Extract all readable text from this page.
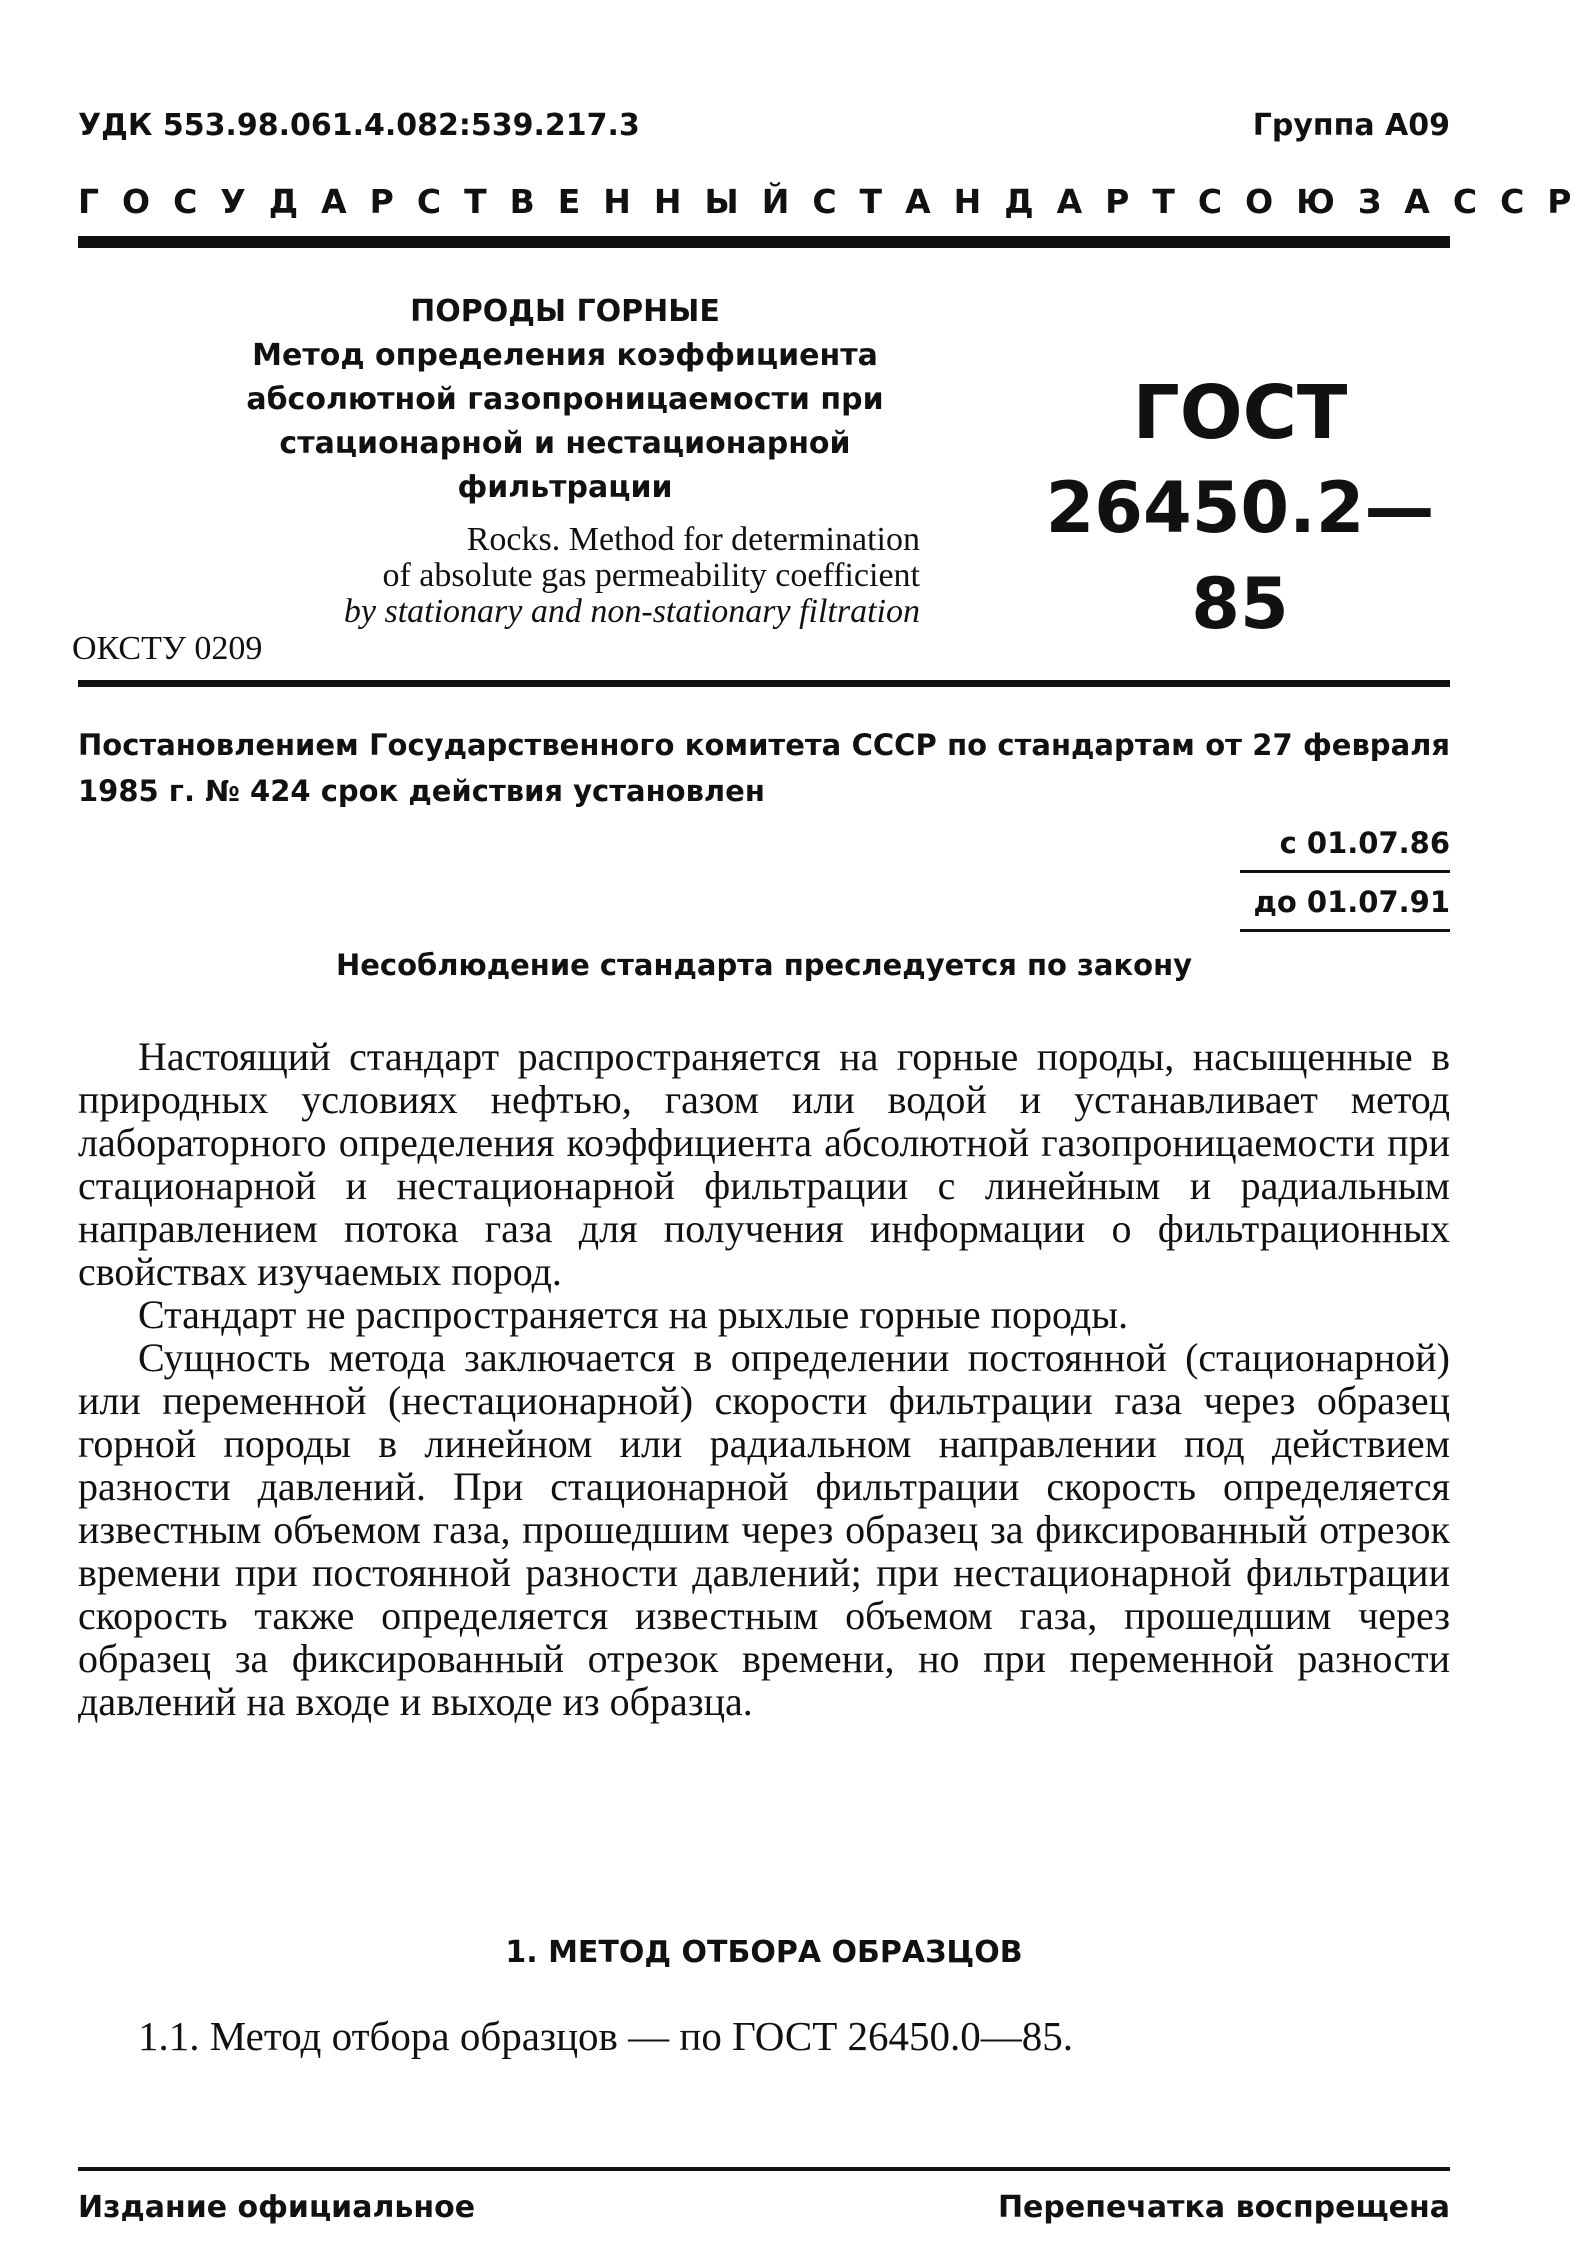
УДК 553.98.061.4.082:539.217.3	Группа А09
ГОСУДАРСТВЕННЫЙ СТАНДАРТ СОЮЗА ССР
ПОРОДЫ ГОРНЫЕ
Метод определения коэффициента
абсолютной газопроницаемости при
стационарной и нестационарной фильтрации
ГОСТ
26450.2—85
Rocks. Method for determination
of absolute gas permeability coefficient
by stationary and non-stationary filtration
ОКСТУ 0209
Постановлением Государственного комитета СССР по стандартам от 27 февраля 1985 г. № 424 срок действия установлен
с 01.07.86
до 01.07.91
Несоблюдение стандарта преследуется по закону

Настоящий стандарт распространяется на горные породы, насыщенные в природных условиях нефтью, газом или водой и устанавливает метод лабораторного определения коэффициента абсолютной газопроницаемости при стационарной и нестационарной фильтрации с линейным и радиальным направлением потока газа для получения информации о фильтрационных свойствах изучаемых пород.

Стандарт не распространяется на рыхлые горные породы.

Сущность метода заключается в определении постоянной (стационарной) или переменной (нестационарной) скорости фильтрации газа через образец горной породы в линейном или радиальном направлении под действием разности давлений. При стационарной фильтрации скорость определяется известным объемом газа, прошедшим через образец за фиксированный отрезок времени при постоянной разности давлений; при нестационарной фильтрации скорость также определяется известным объемом газа, прошедшим через образец за фиксированный отрезок времени, но при переменной разности давлений на входе и выходе из образца.

1. МЕТОД ОТБОРА ОБРАЗЦОВ
1.1. Метод отбора образцов — по ГОСТ 26450.0—85.
Издание официальное	Перепечатка воспрещена
